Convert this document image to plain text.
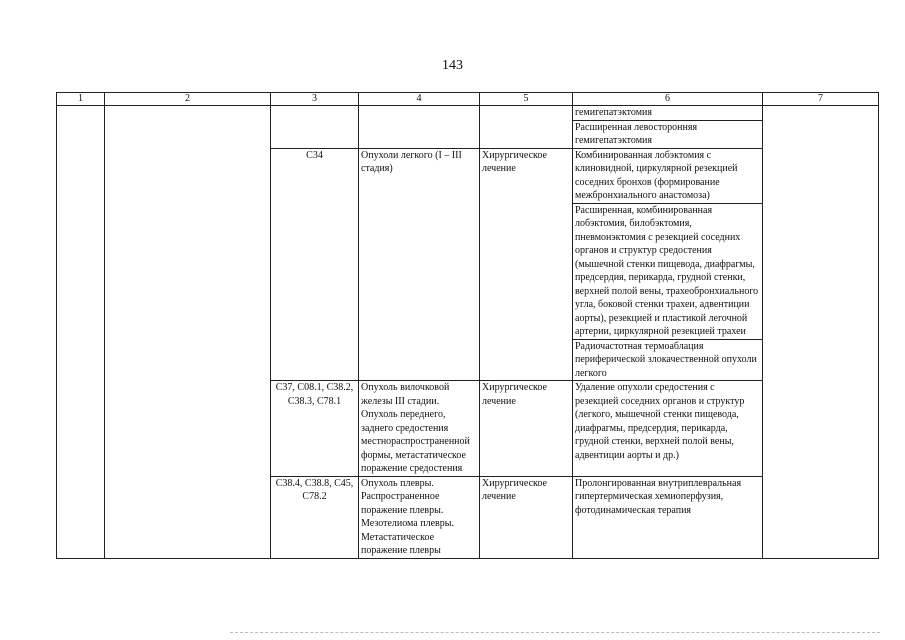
143
1	2	3	4	5	6	7
					гемигепатэктомия	
					Расширенная левосторонняя гемигепатэктомия	
		C34	Опухоли легкого (I – III стадия)	Хирургическое лечение	Комбинированная лобэктомия с клиновидной, циркулярной резекцией соседних бронхов (формирование межбронхиального анастомоза)	
					Расширенная, комбинированная лобэктомия, билобэктомия, пневмонэктомия с резекцией соседних органов и структур средостения (мышечной стенки пищевода, диафрагмы, предсердия, перикарда, грудной стенки, верхней полой вены, трахеобронхиального угла, боковой стенки трахеи, адвентиции аорты), резекцией и пластикой легочной артерии, циркулярной резекцией трахеи	
					Радиочастотная термоаблация периферической злокачественной опухоли легкого	
		C37, C08.1, C38.2, C38.3, C78.1	Опухоль вилочковой железы III стадии. Опухоль переднего, заднего средостения местнораспространенной формы, метастатическое поражение средостения	Хирургическое лечение	Удаление опухоли средостения с резекцией соседних органов и структур (легкого, мышечной стенки пищевода, диафрагмы, предсердия, перикарда, грудной стенки, верхней полой вены, адвентиции аорты и др.)	
		C38.4, C38.8, C45, C78.2	Опухоль плевры. Распространенное поражение плевры. Мезотелиома плевры. Метастатическое поражение плевры	Хирургическое лечение	Пролонгированная внутриплевральная гипертермическая хемиоперфузия, фотодинамическая терапия	
